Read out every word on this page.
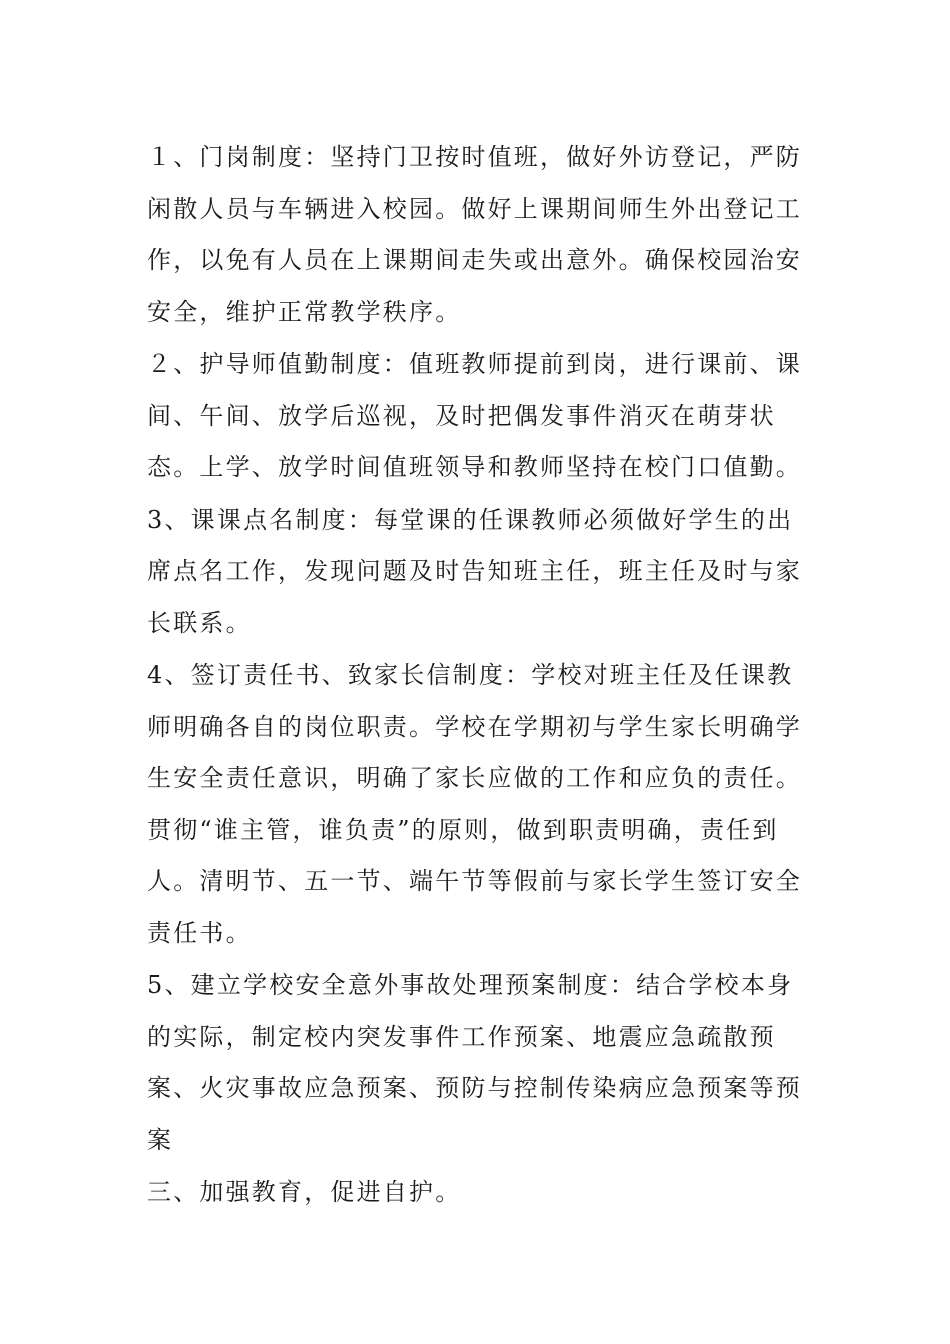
１、门岗制度：坚持门卫按时值班，做好外访登记，严防闲散人员与车辆进入校园。做好上课期间师生外出登记工作，以免有人员在上课期间走失或出意外。确保校园治安安全，维护正常教学秩序。

２、护导师值勤制度：值班教师提前到岗，进行课前、课间、午间、放学后巡视，及时把偶发事件消灭在萌芽状态。上学、放学时间值班领导和教师坚持在校门口值勤。

3、课课点名制度：每堂课的任课教师必须做好学生的出席点名工作，发现问题及时告知班主任，班主任及时与家长联系。

4、签订责任书、致家长信制度：学校对班主任及任课教师明确各自的岗位职责。学校在学期初与学生家长明确学生安全责任意识，明确了家长应做的工作和应负的责任。贯彻“谁主管，谁负责”的原则，做到职责明确，责任到人。清明节、五一节、端午节等假前与家长学生签订安全责任书。

5、建立学校安全意外事故处理预案制度：结合学校本身的实际，制定校内突发事件工作预案、地震应急疏散预案、火灾事故应急预案、预防与控制传染病应急预案等预案

三、加强教育，促进自护。
